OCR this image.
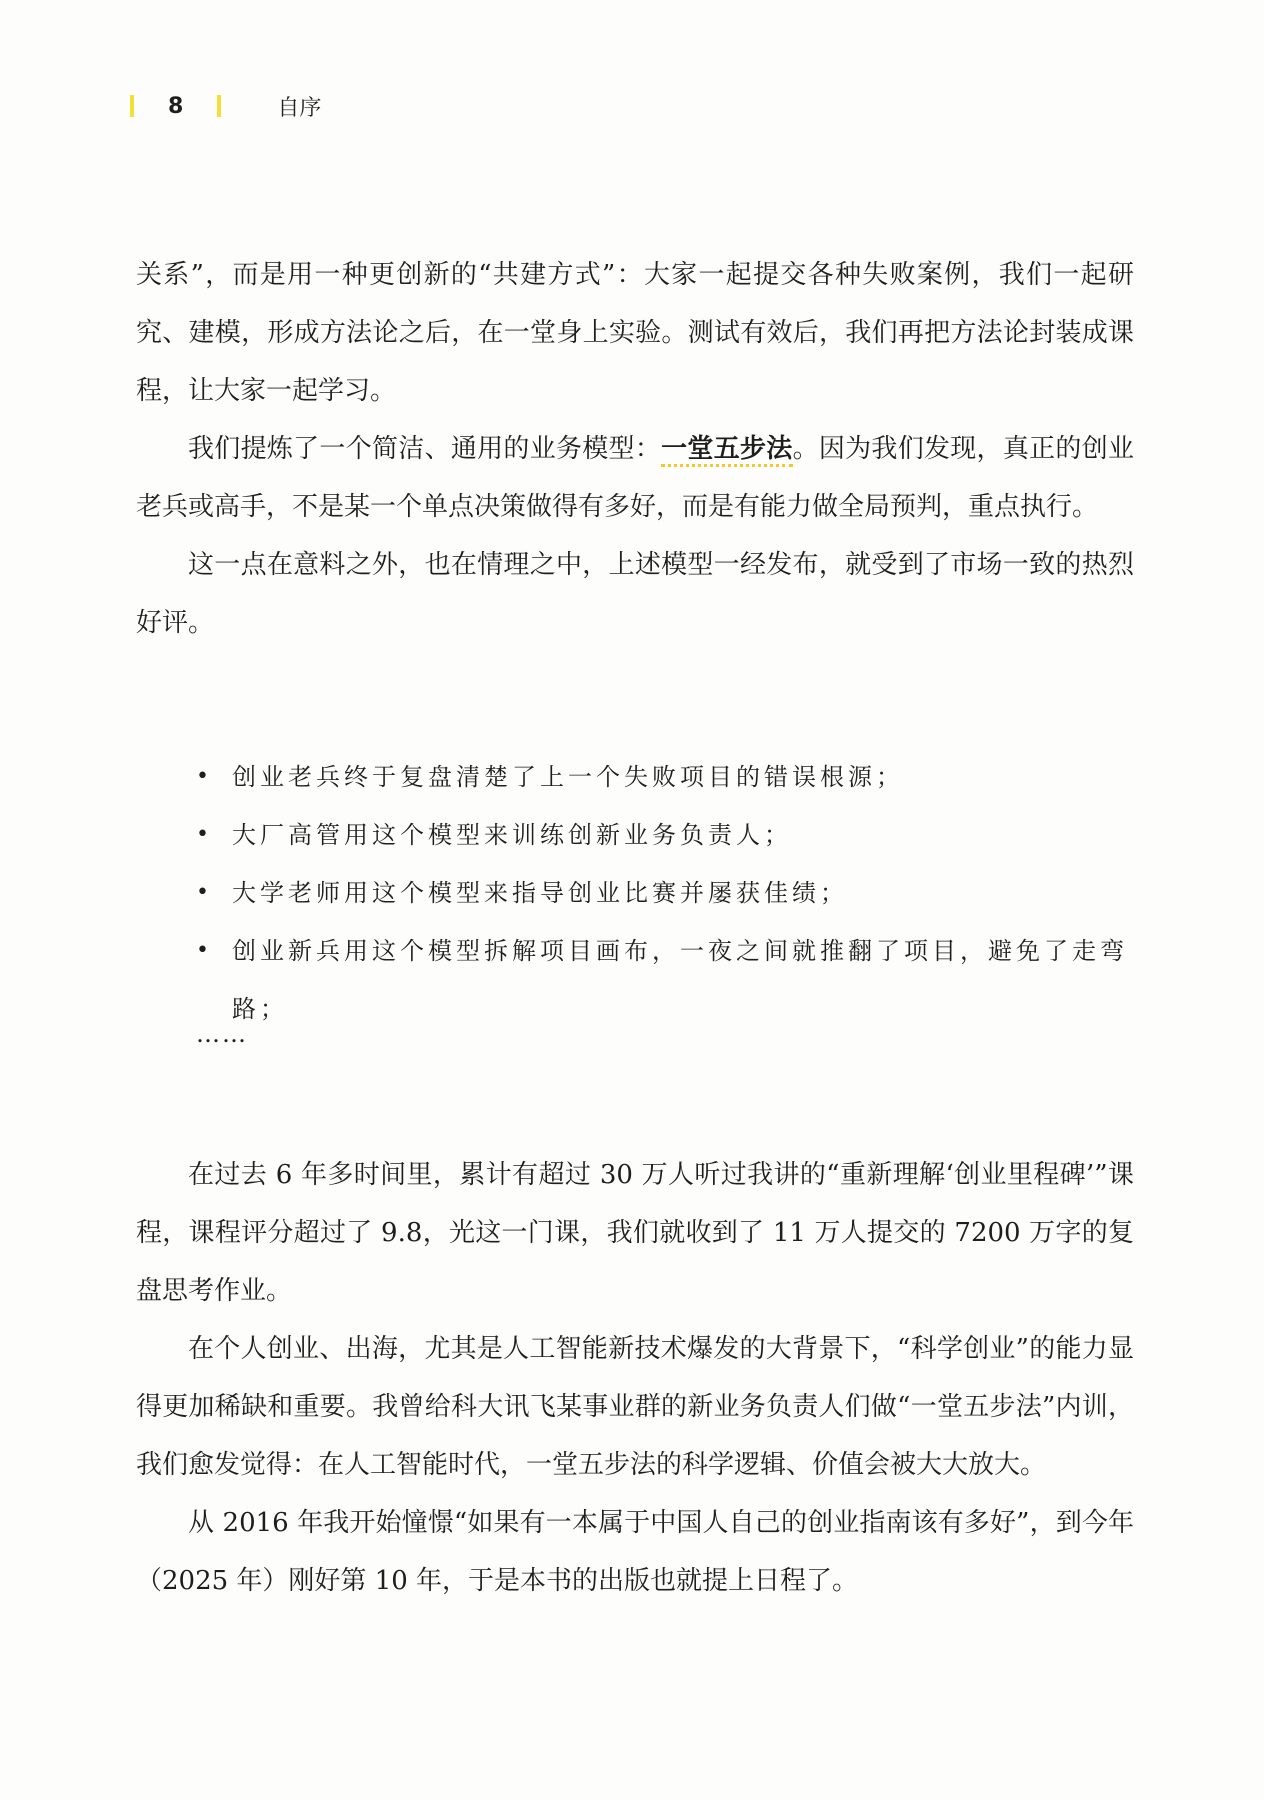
8	自序

关系”，而是用一种更创新的“共建方式”：大家一起提交各种失败案例，我们一起研究、建模，形成方法论之后，在一堂身上实验。测试有效后，我们再把方法论封装成课程，让大家一起学习。

我们提炼了一个简洁、通用的业务模型：一堂五步法。因为我们发现，真正的创业老兵或高手，不是某一个单点决策做得有多好，而是有能力做全局预判，重点执行。

这一点在意料之外，也在情理之中，上述模型一经发布，就受到了市场一致的热烈好评。

• 创业老兵终于复盘清楚了上一个失败项目的错误根源；
• 大厂高管用这个模型来训练创新业务负责人；
• 大学老师用这个模型来指导创业比赛并屡获佳绩；
• 创业新兵用这个模型拆解项目画布，一夜之间就推翻了项目，避免了走弯路；
……

在过去 6 年多时间里，累计有超过 30 万人听过我讲的“重新理解‘创业里程碑’”课程，课程评分超过了 9.8，光这一门课，我们就收到了 11 万人提交的 7200 万字的复盘思考作业。

在个人创业、出海，尤其是人工智能新技术爆发的大背景下，“科学创业”的能力显得更加稀缺和重要。我曾给科大讯飞某事业群的新业务负责人们做“一堂五步法”内训，我们愈发觉得：在人工智能时代，一堂五步法的科学逻辑、价值会被大大放大。

从 2016 年我开始憧憬“如果有一本属于中国人自己的创业指南该有多好”，到今年（2025 年）刚好第 10 年，于是本书的出版也就提上日程了。
